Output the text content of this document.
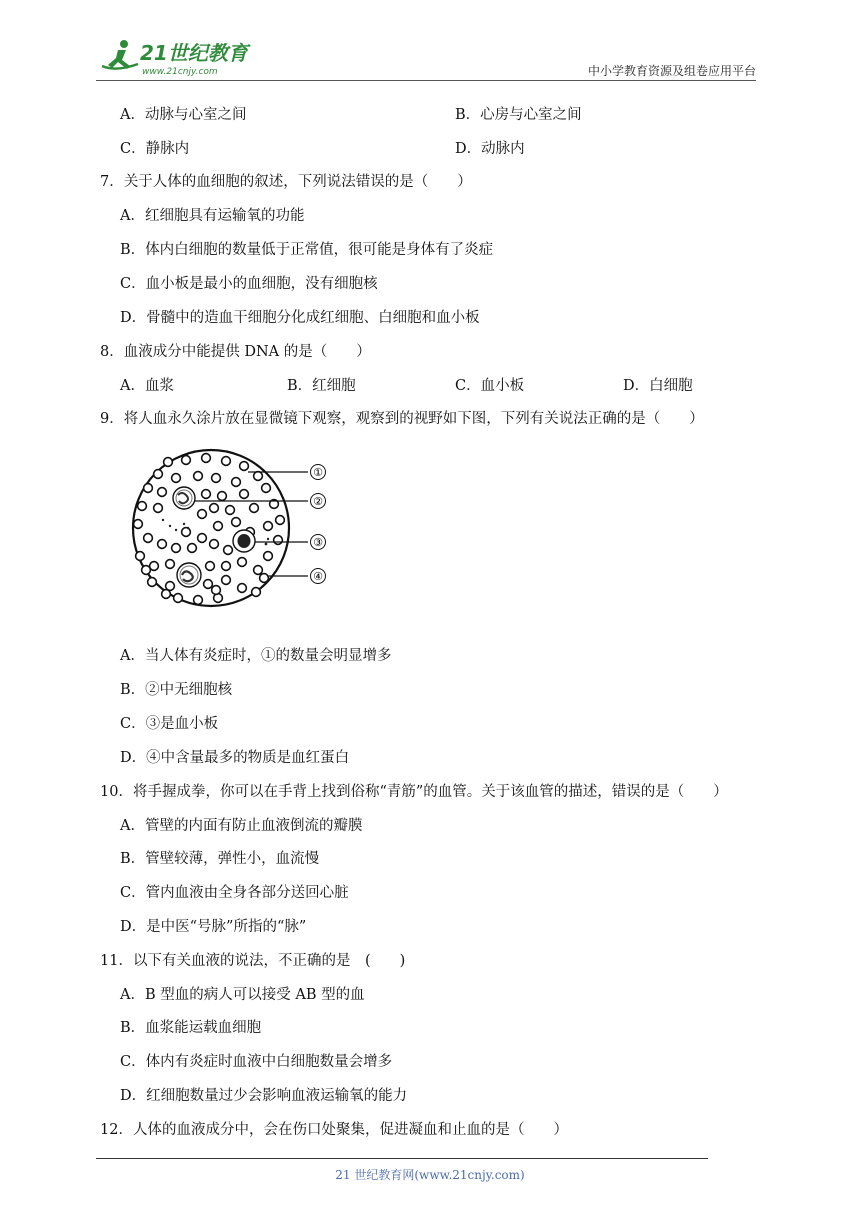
21世纪教育
www.21cnjy.com	中小学教育资源及组卷应用平台
A．动脉与心室之间	B．心房与心室之间
C．静脉内	D．动脉内
7．关于人体的血细胞的叙述，下列说法错误的是（　　）
A．红细胞具有运输氧的功能
B．体内白细胞的数量低于正常值，很可能是身体有了炎症
C．血小板是最小的血细胞，没有细胞核
D．骨髓中的造血干细胞分化成红细胞、白细胞和血小板
8．血液成分中能提供 DNA 的是（　　）
A．血浆	B．红细胞	C．血小板	D．白细胞
9．将人血永久涂片放在显微镜下观察，观察到的视野如下图，下列有关说法正确的是（　　）
①
②
③
④
A．当人体有炎症时，①的数量会明显增多
B．②中无细胞核
C．③是血小板
D．④中含量最多的物质是血红蛋白
10．将手握成拳，你可以在手背上找到俗称“青筋”的血管。关于该血管的描述，错误的是（　　）
A．管壁的内面有防止血液倒流的瓣膜
B．管壁较薄，弹性小，血流慢
C．管内血液由全身各部分送回心脏
D．是中医“号脉”所指的“脉”
11．以下有关血液的说法，不正确的是　(　　)
A．B 型血的病人可以接受 AB 型的血
B．血浆能运载血细胞
C．体内有炎症时血液中白细胞数量会增多
D．红细胞数量过少会影响血液运输氧的能力
12．人体的血液成分中，会在伤口处聚集，促进凝血和止血的是（　　）
21 世纪教育网(www.21cnjy.com)
